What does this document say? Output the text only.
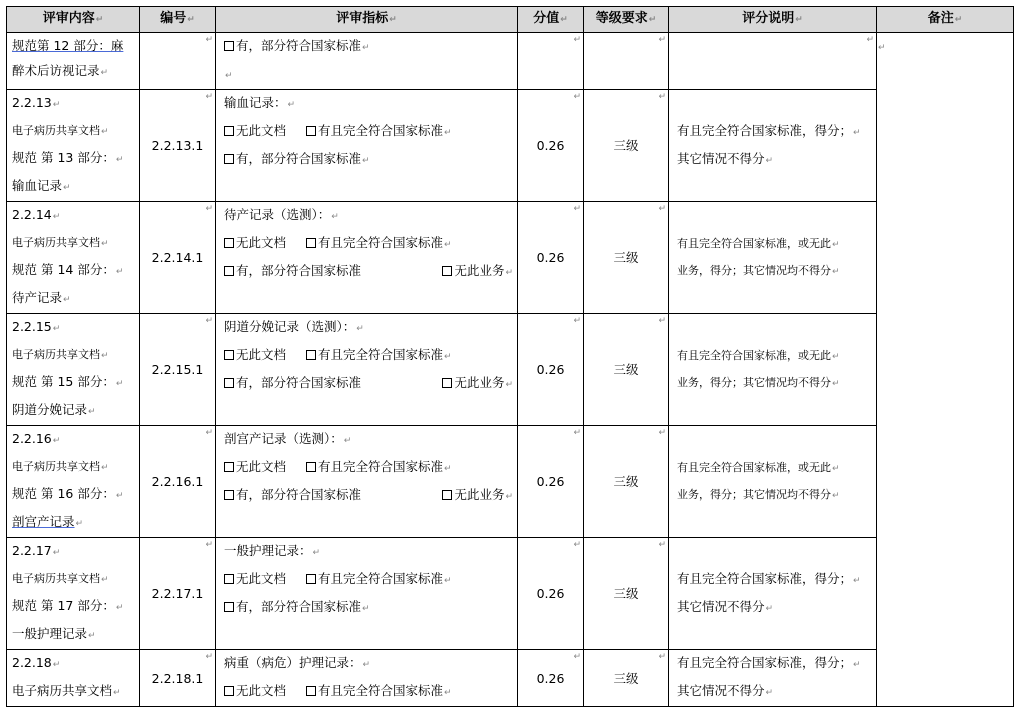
评审内容↵	编号↵	评审指标↵	分值↵	等级要求↵	评分说明↵	备注↵

规范第 12 部分：麻
醉术后访视记录↵	↵	有，部分符合国家标准↵
↵	↵	↵	↵	↵

2.2.13↵
电子病历共享文档↵
规范 第 13 部分：↵
输血记录↵	2.2.13.1
↵	输血记录：↵
无此文档 有且完全符合国家标准↵
有，部分符合国家标准↵	0.26
↵	三级
↵	有且完全符合国家标准，得分；↵
其它情况不得分↵	

2.2.14↵
电子病历共享文档↵
规范 第 14 部分：↵
待产记录↵	2.2.14.1
↵	待产记录（选测）：↵
无此文档 有且完全符合国家标准↵
有，部分符合国家标准 无此业务↵	0.26
↵	三级
↵	有且完全符合国家标准，或无此↵
业务，得分；其它情况均不得分↵	

2.2.15↵
电子病历共享文档↵
规范 第 15 部分：↵
阴道分娩记录↵	2.2.15.1
↵	阴道分娩记录（选测）：↵
无此文档 有且完全符合国家标准↵
有，部分符合国家标准 无此业务↵	0.26
↵	三级
↵	有且完全符合国家标准，或无此↵
业务，得分；其它情况均不得分↵	

2.2.16↵
电子病历共享文档↵
规范 第 16 部分：↵
剖宫产记录↵	2.2.16.1
↵	剖宫产记录（选测）：↵
无此文档 有且完全符合国家标准↵
有，部分符合国家标准 无此业务↵	0.26
↵	三级
↵	有且完全符合国家标准，或无此↵
业务，得分；其它情况均不得分↵	

2.2.17↵
电子病历共享文档↵
规范 第 17 部分：↵
一般护理记录↵	2.2.17.1
↵	一般护理记录：↵
无此文档 有且完全符合国家标准↵
有，部分符合国家标准↵	0.26
↵	三级
↵	有且完全符合国家标准，得分；↵
其它情况不得分↵	

2.2.18↵
电子病历共享文档↵	2.2.18.1
↵	病重（病危）护理记录：↵
无此文档 有且完全符合国家标准↵	0.26
↵	三级
↵	有且完全符合国家标准，得分；↵
其它情况不得分↵	
